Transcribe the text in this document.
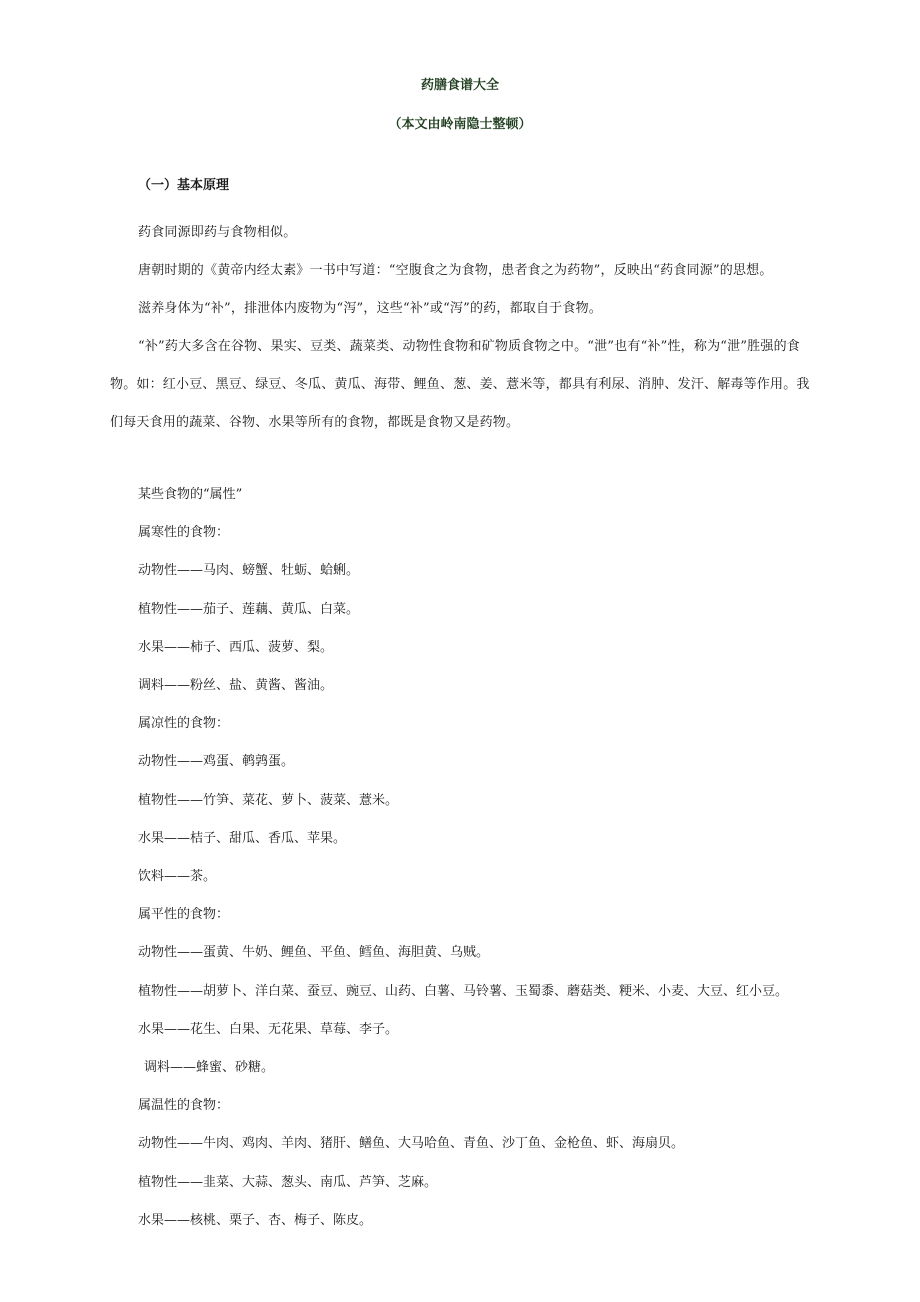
药膳食谱大全
（本文由岭南隐士整顿）
（一）基本原理

药食同源即药与食物相似。

唐朝时期的《黄帝内经太素》一书中写道：“空腹食之为食物，患者食之为药物”，反映出“药食同源”的思想。

滋养身体为“补”，排泄体内废物为“泻”，这些“补”或“泻”的药，都取自于食物。

“补”药大多含在谷物、果实、豆类、蔬菜类、动物性食物和矿物质食物之中。“泄”也有“补”性，称为“泄”胜强的食物。如：红小豆、黑豆、绿豆、冬瓜、黄瓜、海带、鲤鱼、葱、姜、薏米等，都具有利尿、消肿、发汗、解毒等作用。我们每天食用的蔬菜、谷物、水果等所有的食物，都既是食物又是药物。

某些食物的“属性”

属寒性的食物：

动物性——马肉、螃蟹、牡蛎、蛤蜊。

植物性——茄子、莲藕、黄瓜、白菜。

水果——柿子、西瓜、菠萝、梨。

调料——粉丝、盐、黄酱、酱油。

属凉性的食物：

动物性——鸡蛋、鹌鹑蛋。

植物性——竹笋、菜花、萝卜、菠菜、薏米。

水果——桔子、甜瓜、香瓜、苹果。

饮料——茶。

属平性的食物：

动物性——蛋黄、牛奶、鲤鱼、平鱼、鳕鱼、海胆黄、乌贼。

植物性——胡萝卜、洋白菜、蚕豆、豌豆、山药、白薯、马铃薯、玉蜀黍、蘑菇类、粳米、小麦、大豆、红小豆。

水果——花生、白果、无花果、草莓、李子。

调料——蜂蜜、砂糖。

属温性的食物：

动物性——牛肉、鸡肉、羊肉、猪肝、鳝鱼、大马哈鱼、青鱼、沙丁鱼、金枪鱼、虾、海扇贝。

植物性——韭菜、大蒜、葱头、南瓜、芦笋、芝麻。

水果——核桃、栗子、杏、梅子、陈皮。
